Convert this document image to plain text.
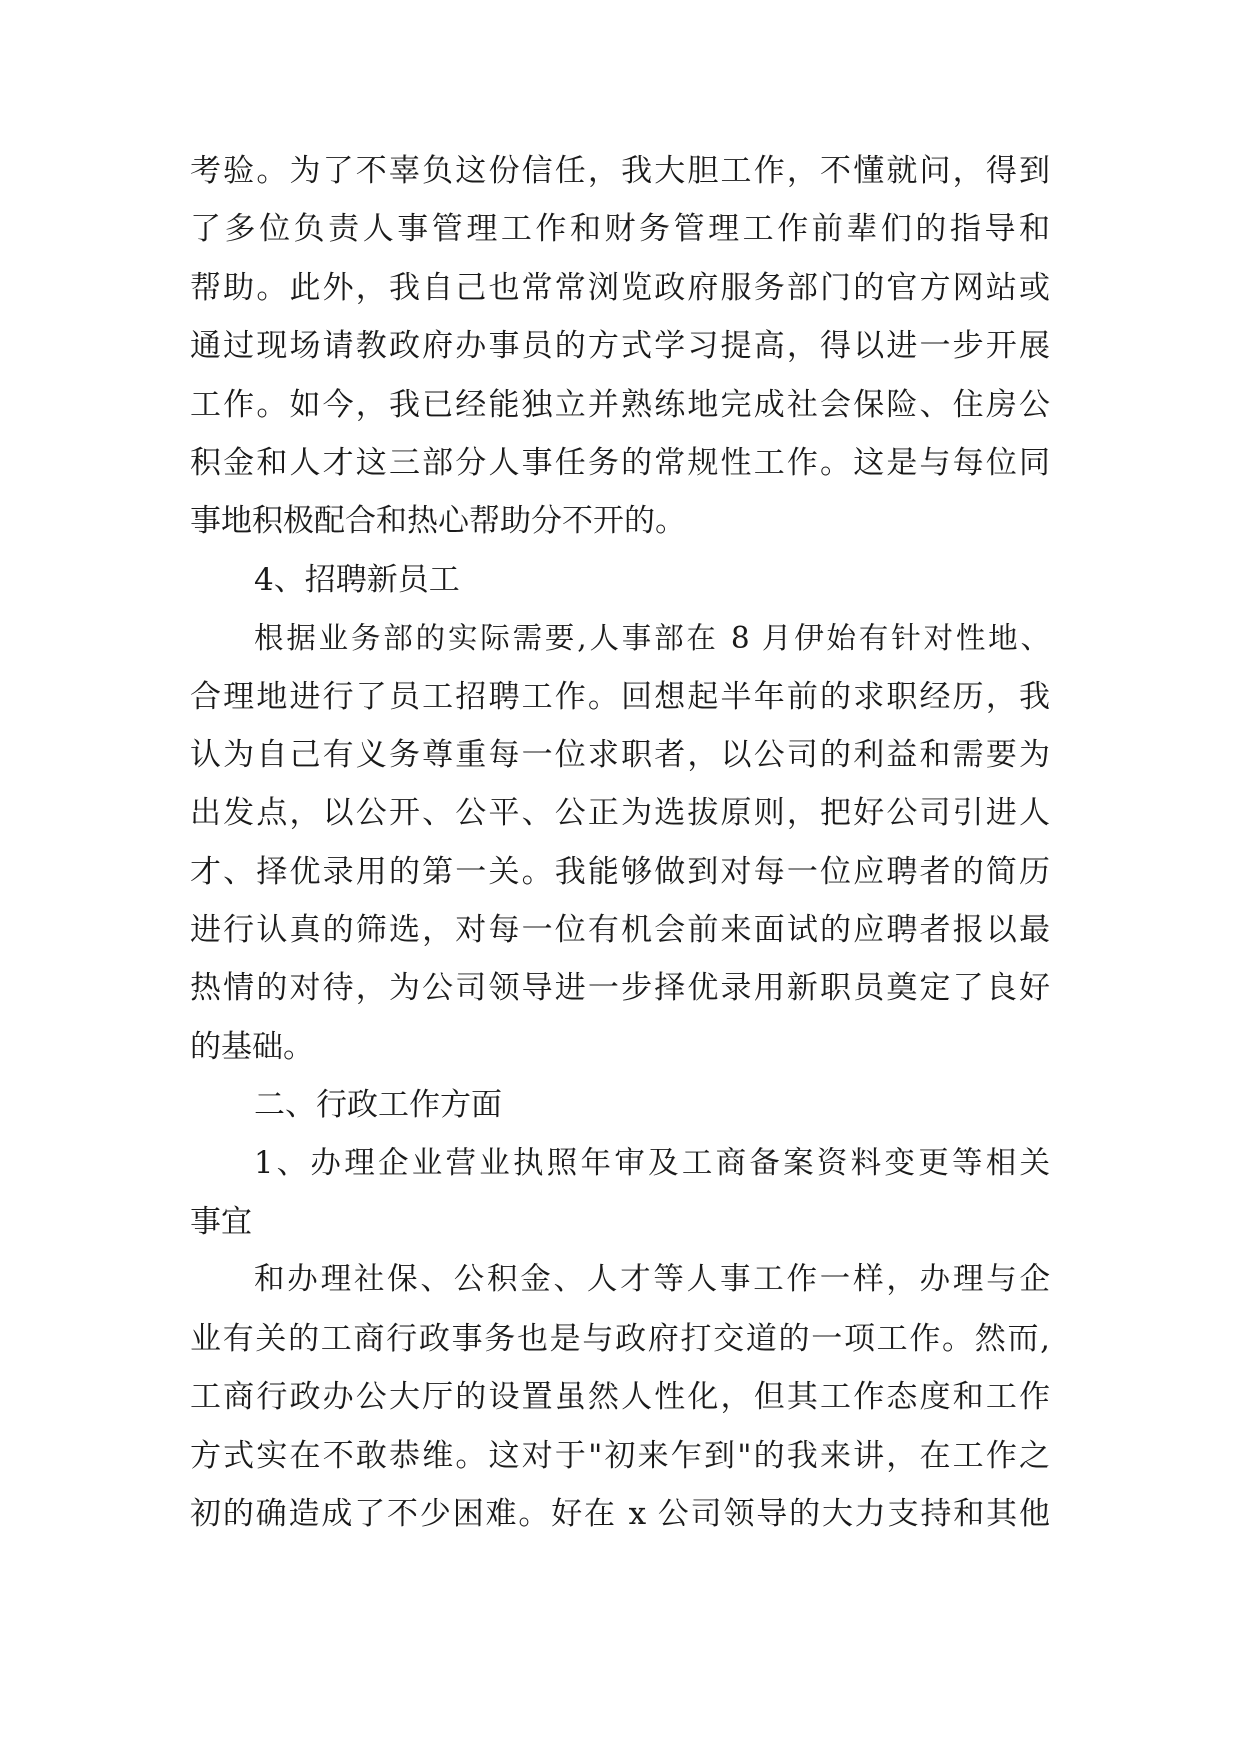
考验。为了不辜负这份信任，我大胆工作，不懂就问，得到
了多位负责人事管理工作和财务管理工作前辈们的指导和
帮助。此外，我自己也常常浏览政府服务部门的官方网站或
通过现场请教政府办事员的方式学习提高，得以进一步开展
工作。如今，我已经能独立并熟练地完成社会保险、住房公
积金和人才这三部分人事任务的常规性工作。这是与每位同
事地积极配合和热心帮助分不开的。
4、招聘新员工
根据业务部的实际需要,人事部在 8 月伊始有针对性地、
合理地进行了员工招聘工作。回想起半年前的求职经历，我
认为自己有义务尊重每一位求职者，以公司的利益和需要为
出发点，以公开、公平、公正为选拔原则，把好公司引进人
才、择优录用的第一关。我能够做到对每一位应聘者的简历
进行认真的筛选，对每一位有机会前来面试的应聘者报以最
热情的对待，为公司领导进一步择优录用新职员奠定了良好
的基础。
二、行政工作方面
1、办理企业营业执照年审及工商备案资料变更等相关
事宜
和办理社保、公积金、人才等人事工作一样，办理与企
业有关的工商行政事务也是与政府打交道的一项工作。然而,
工商行政办公大厅的设置虽然人性化，但其工作态度和工作
方式实在不敢恭维。这对于"初来乍到"的我来讲，在工作之
初的确造成了不少困难。好在 x 公司领导的大力支持和其他
